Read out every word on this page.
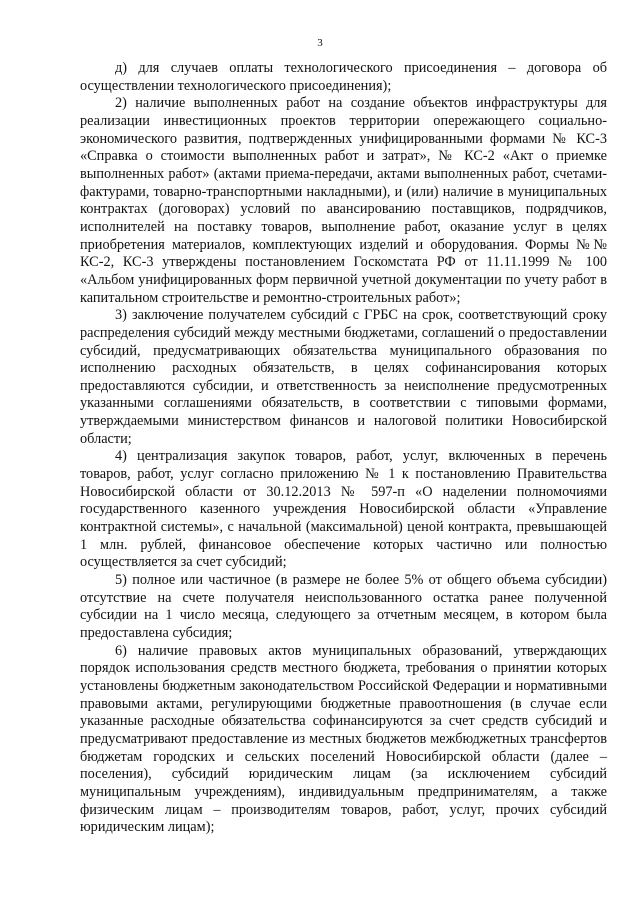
3

д) для случаев оплаты технологического присоединения – договора об осуществлении технологического присоединения);

2) наличие выполненных работ на создание объектов инфраструктуры для реализации инвестиционных проектов территории опережающего социально-экономического развития, подтвержденных унифицированными формами № КС-3 «Справка о стоимости выполненных работ и затрат», № КС-2 «Акт о приемке выполненных работ» (актами приема-передачи, актами выполненных работ, счетами-фактурами, товарно-транспортными накладными), и (или) наличие в муниципальных контрактах (договорах) условий по авансированию поставщиков, подрядчиков, исполнителей на поставку товаров, выполнение работ, оказание услуг в целях приобретения материалов, комплектующих изделий и оборудования. Формы №№ КС-2, КС-3 утверждены постановлением Госкомстата РФ от 11.11.1999 № 100 «Альбом унифицированных форм первичной учетной документации по учету работ в капитальном строительстве и ремонтно-строительных работ»;

3) заключение получателем субсидий с ГРБС на срок, соответствующий сроку распределения субсидий между местными бюджетами, соглашений о предоставлении субсидий, предусматривающих обязательства муниципального образования по исполнению расходных обязательств, в целях софинансирования которых предоставляются субсидии, и ответственность за неисполнение предусмотренных указанными соглашениями обязательств, в соответствии с типовыми формами, утверждаемыми министерством финансов и налоговой политики Новосибирской области;

4) централизация закупок товаров, работ, услуг, включенных в перечень товаров, работ, услуг согласно приложению № 1 к постановлению Правительства Новосибирской области от 30.12.2013 № 597-п «О наделении полномочиями государственного казенного учреждения Новосибирской области «Управление контрактной системы», с начальной (максимальной) ценой контракта, превышающей 1 млн. рублей, финансовое обеспечение которых частично или полностью осуществляется за счет субсидий;

5) полное или частичное (в размере не более 5% от общего объема субсидии) отсутствие на счете получателя неиспользованного остатка ранее полученной субсидии на 1 число месяца, следующего за отчетным месяцем, в котором была предоставлена субсидия;

6) наличие правовых актов муниципальных образований, утверждающих порядок использования средств местного бюджета, требования о принятии которых установлены бюджетным законодательством Российской Федерации и нормативными правовыми актами, регулирующими бюджетные правоотношения (в случае если указанные расходные обязательства софинансируются за счет средств субсидий и предусматривают предоставление из местных бюджетов межбюджетных трансфертов бюджетам городских и сельских поселений Новосибирской области (далее – поселения), субсидий юридическим лицам (за исключением субсидий муниципальным учреждениям), индивидуальным предпринимателям, а также физическим лицам – производителям товаров, работ, услуг, прочих субсидий юридическим лицам);
